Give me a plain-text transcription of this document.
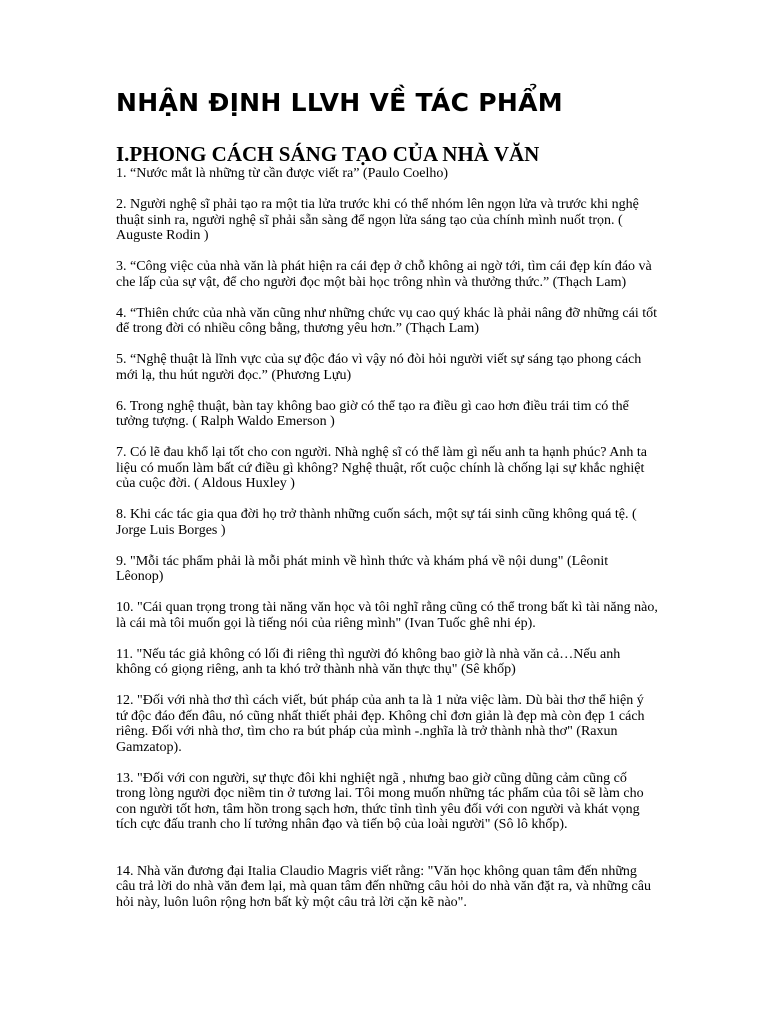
NHẬN ĐỊNH LLVH VỀ TÁC PHẨM
I.PHONG CÁCH SÁNG TẠO CỦA NHÀ VĂN

1. “Nước mắt là những từ cần được viết ra” (Paulo Coelho)

2. Người nghệ sĩ phải tạo ra một tia lửa trước khi có thể nhóm lên ngọn lửa và trước khi nghệ thuật sinh ra, người nghệ sĩ phải sẵn sàng để ngọn lửa sáng tạo của chính mình nuốt trọn. ( Auguste Rodin )

3. “Công việc của nhà văn là phát hiện ra cái đẹp ở chỗ không ai ngờ tới, tìm cái đẹp kín đáo và che lấp của sự vật, để cho người đọc một bài học trông nhìn và thưởng thức.” (Thạch Lam)

4. “Thiên chức của nhà văn cũng như những chức vụ cao quý khác là phải nâng đỡ những cái tốt để trong đời có nhiều công bằng, thương yêu hơn.” (Thạch Lam)

5. “Nghệ thuật là lĩnh vực của sự độc đáo vì vậy nó đòi hỏi người viết sự sáng tạo phong cách mới lạ, thu hút người đọc.” (Phương Lựu)

6. Trong nghệ thuật, bàn tay không bao giờ có thể tạo ra điều gì cao hơn điều trái tim có thể tưởng tượng. ( Ralph Waldo Emerson )

7. Có lẽ đau khổ lại tốt cho con người. Nhà nghệ sĩ có thể làm gì nếu anh ta hạnh phúc? Anh ta liệu có muốn làm bất cứ điều gì không? Nghệ thuật, rốt cuộc chính là chống lại sự khắc nghiệt của cuộc đời. ( Aldous Huxley )

8. Khi các tác gia qua đời họ trở thành những cuốn sách, một sự tái sinh cũng không quá tệ. ( Jorge Luis Borges )

9. "Mỗi tác phẩm phải là mỗi phát minh về hình thức và khám phá về nội dung" (Lêonit Lêonop)

10. "Cái quan trọng trong tài năng văn học và tôi nghĩ rằng cũng có thể trong bất kì tài năng nào, là cái mà tôi muốn gọi là tiếng nói của riêng mình" (Ivan Tuốc ghê nhi ép).

11. "Nếu tác giả không có lối đi riêng thì người đó không bao giờ là nhà văn cả…Nếu anh không có giọng riêng, anh ta khó trở thành nhà văn thực thụ" (Sê khốp)

12. "Đối với nhà thơ thì cách viết, bút pháp của anh ta là 1 nửa việc làm. Dù bài thơ thể hiện ý tứ độc đáo đến đâu, nó cũng nhất thiết phải đẹp. Không chỉ đơn giản là đẹp mà còn đẹp 1 cách riêng. Đối với nhà thơ, tìm cho ra bút pháp của mình -.nghĩa là trở thành nhà thơ" (Raxun Gamzatop).

13. "Đối với con người, sự thực đôi khi nghiệt ngã , nhưng bao giờ cũng dũng cảm cũng cố trong lòng người đọc niềm tin ở tương lai. Tôi mong muốn những tác phẩm của tôi sẽ làm cho con người tốt hơn, tâm hồn trong sạch hơn, thức tỉnh tình yêu đối với con người và khát vọng tích cực đấu tranh cho lí tưởng nhân đạo và tiến bộ của loài người" (Sô lô khốp).

14. Nhà văn đương đại Italia Claudio Magris viết rằng: "Văn học không quan tâm đến những câu trả lời do nhà văn đem lại, mà quan tâm đến những câu hỏi do nhà văn đặt ra, và những câu hỏi này, luôn luôn rộng hơn bất kỳ một câu trả lời cặn kẽ nào".
